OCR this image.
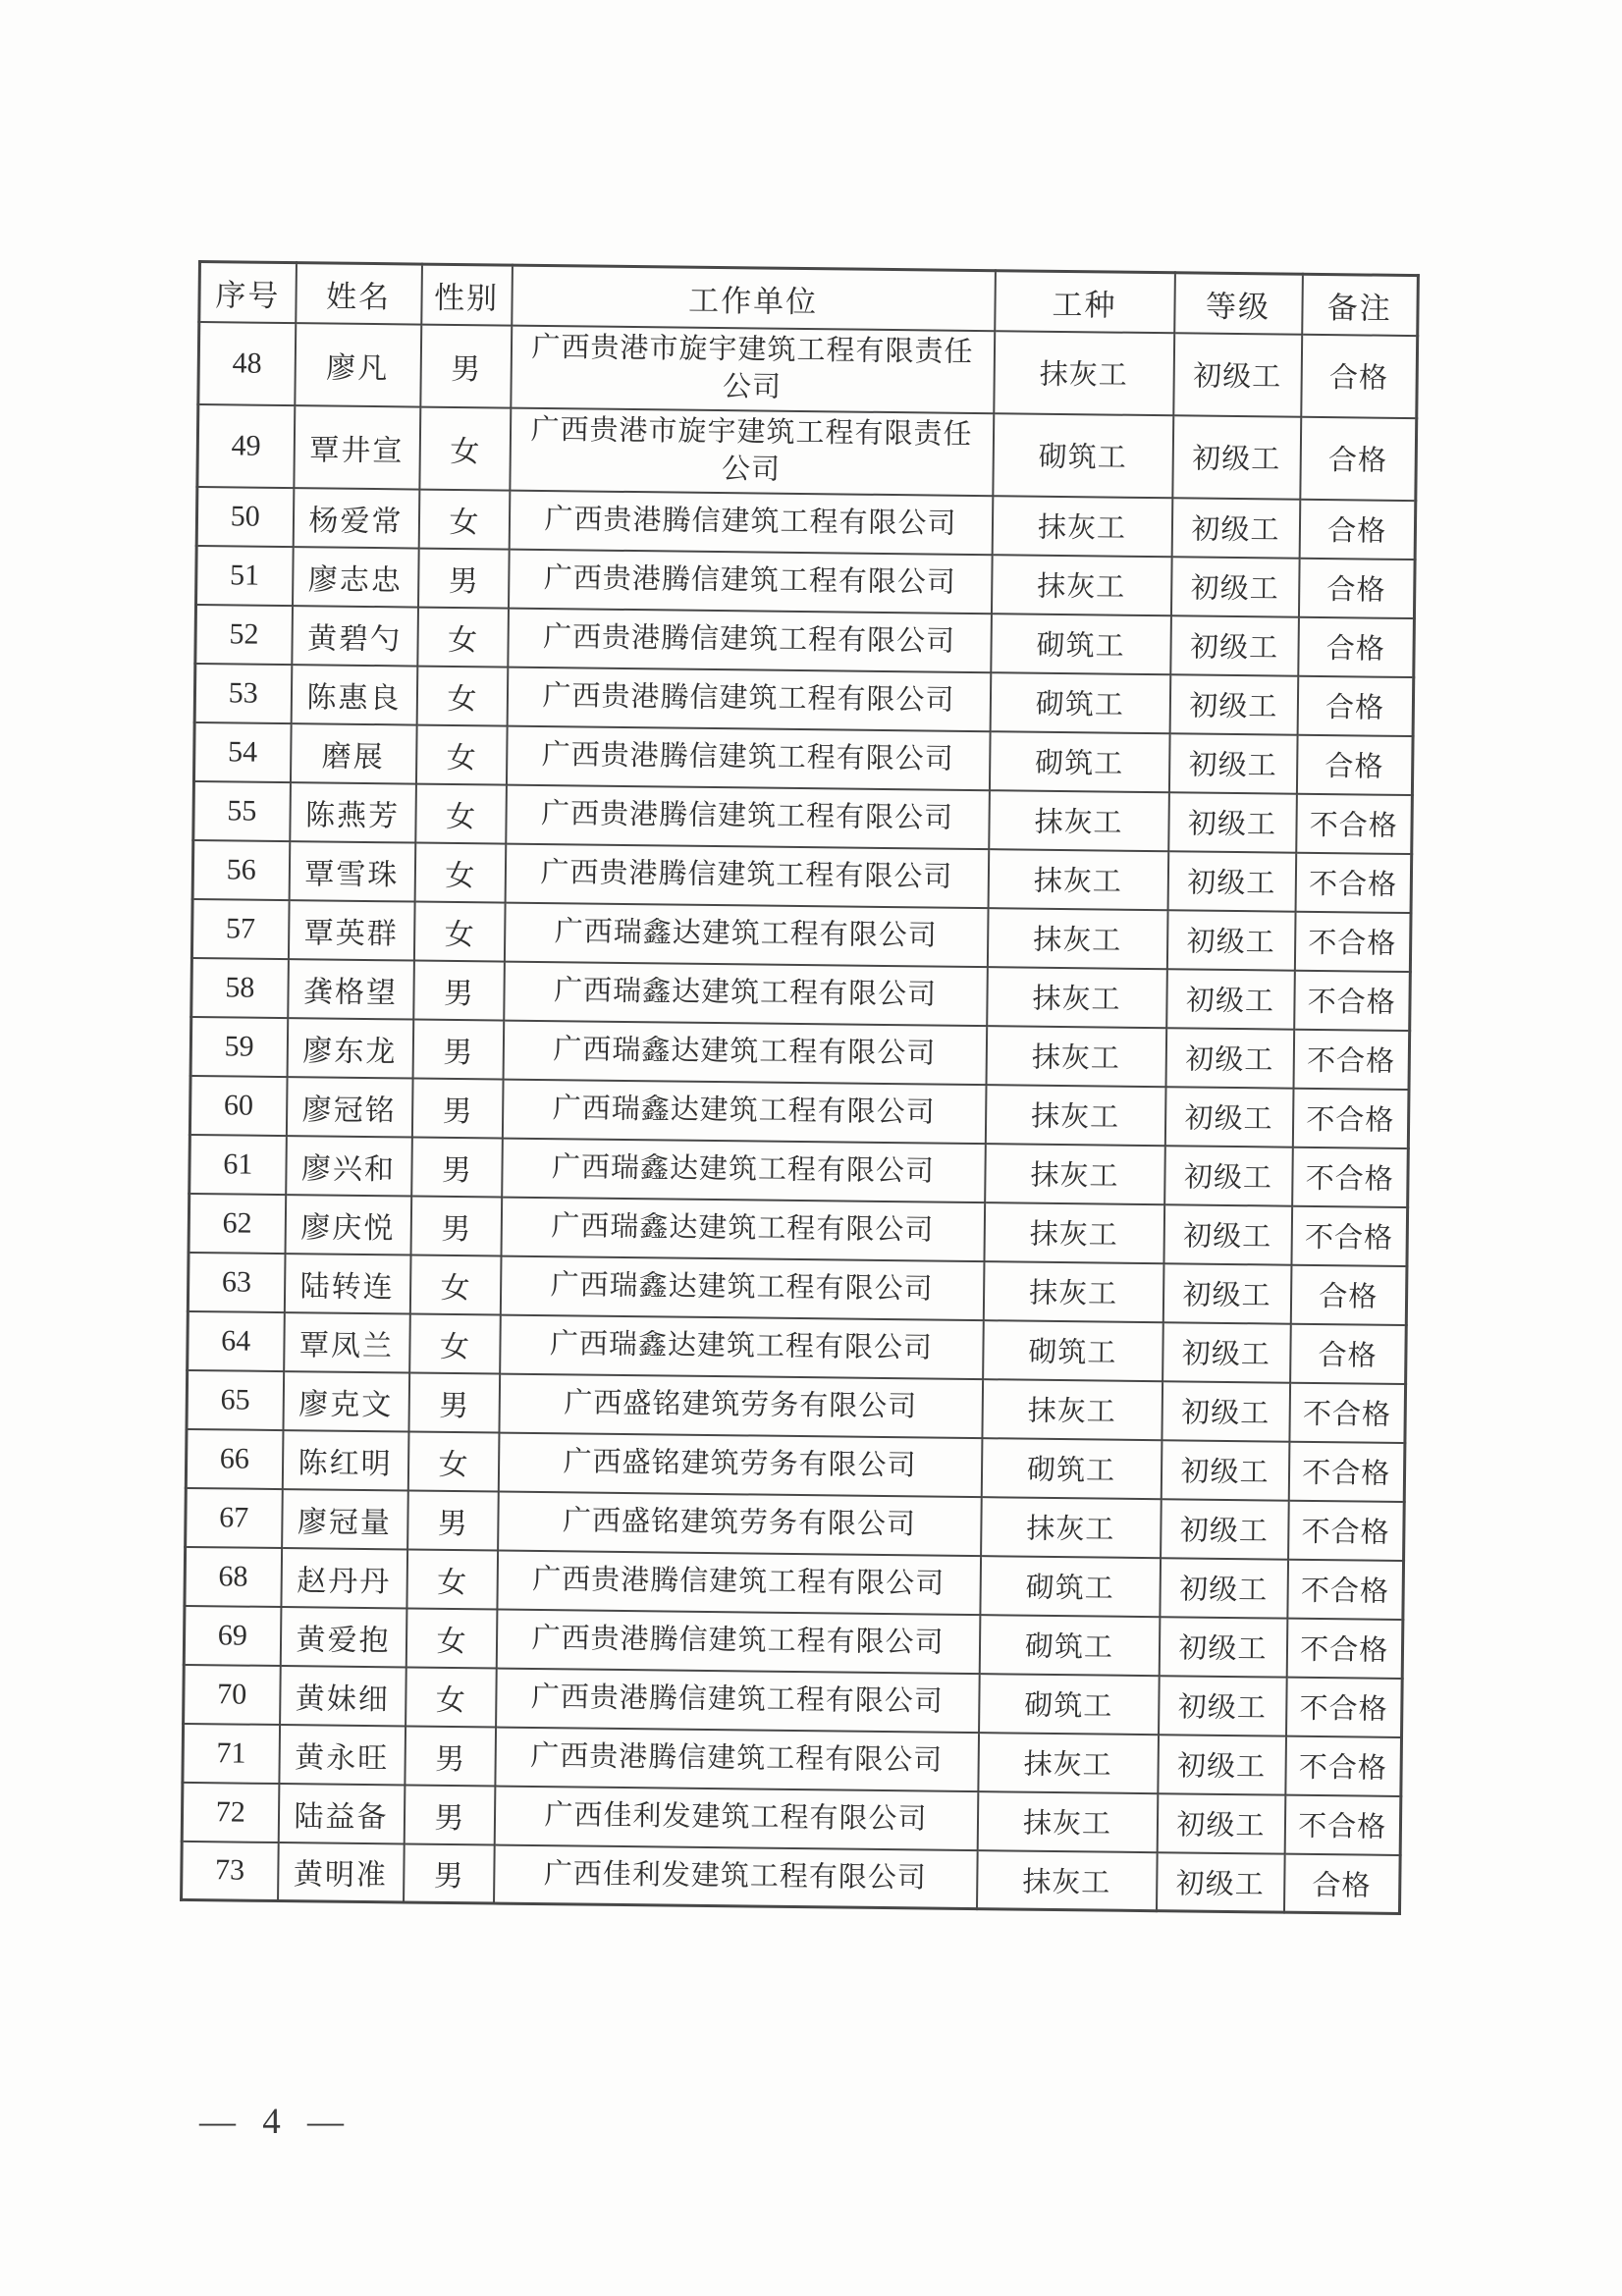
序号	姓名	性别	工作单位	工种	等级	备注
48	廖凡	男	广西贵港市旋宇建筑工程有限责任公司	抹灰工	初级工	合格
49	覃井宣	女	广西贵港市旋宇建筑工程有限责任公司	砌筑工	初级工	合格
50	杨爱常	女	广西贵港腾信建筑工程有限公司	抹灰工	初级工	合格
51	廖志忠	男	广西贵港腾信建筑工程有限公司	抹灰工	初级工	合格
52	黄碧勺	女	广西贵港腾信建筑工程有限公司	砌筑工	初级工	合格
53	陈惠良	女	广西贵港腾信建筑工程有限公司	砌筑工	初级工	合格
54	磨展	女	广西贵港腾信建筑工程有限公司	砌筑工	初级工	合格
55	陈燕芳	女	广西贵港腾信建筑工程有限公司	抹灰工	初级工	不合格
56	覃雪珠	女	广西贵港腾信建筑工程有限公司	抹灰工	初级工	不合格
57	覃英群	女	广西瑞鑫达建筑工程有限公司	抹灰工	初级工	不合格
58	龚格望	男	广西瑞鑫达建筑工程有限公司	抹灰工	初级工	不合格
59	廖东龙	男	广西瑞鑫达建筑工程有限公司	抹灰工	初级工	不合格
60	廖冠铭	男	广西瑞鑫达建筑工程有限公司	抹灰工	初级工	不合格
61	廖兴和	男	广西瑞鑫达建筑工程有限公司	抹灰工	初级工	不合格
62	廖庆悦	男	广西瑞鑫达建筑工程有限公司	抹灰工	初级工	不合格
63	陆转连	女	广西瑞鑫达建筑工程有限公司	抹灰工	初级工	合格
64	覃凤兰	女	广西瑞鑫达建筑工程有限公司	砌筑工	初级工	合格
65	廖克文	男	广西盛铭建筑劳务有限公司	抹灰工	初级工	不合格
66	陈红明	女	广西盛铭建筑劳务有限公司	砌筑工	初级工	不合格
67	廖冠量	男	广西盛铭建筑劳务有限公司	抹灰工	初级工	不合格
68	赵丹丹	女	广西贵港腾信建筑工程有限公司	砌筑工	初级工	不合格
69	黄爱抱	女	广西贵港腾信建筑工程有限公司	砌筑工	初级工	不合格
70	黄妹细	女	广西贵港腾信建筑工程有限公司	砌筑工	初级工	不合格
71	黄永旺	男	广西贵港腾信建筑工程有限公司	抹灰工	初级工	不合格
72	陆益备	男	广西佳利发建筑工程有限公司	抹灰工	初级工	不合格
73	黄明准	男	广西佳利发建筑工程有限公司	抹灰工	初级工	合格
— 4 —
